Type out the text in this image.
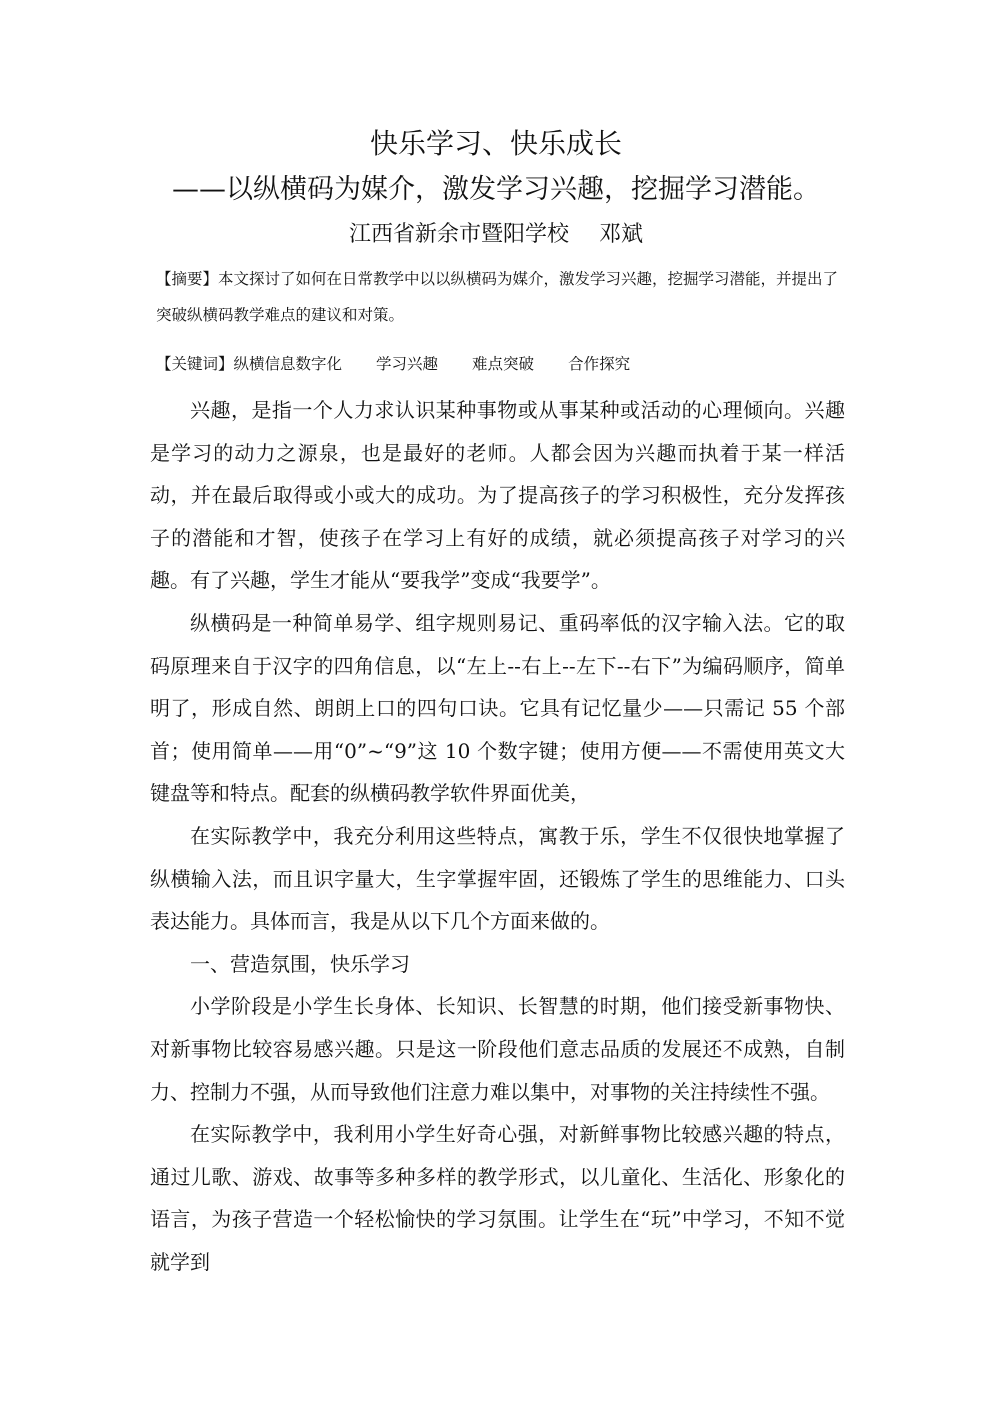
快乐学习、快乐成长
——以纵横码为媒介，激发学习兴趣，挖掘学习潜能。
江西省新余市暨阳学校 邓斌
【摘要】本文探讨了如何在日常教学中以以纵横码为媒介，激发学习兴趣，挖掘学习潜能，并提出了突破纵横码教学难点的建议和对策。
【关键词】纵横信息数字化 学习兴趣 难点突破 合作探究

兴趣，是指一个人力求认识某种事物或从事某种或活动的心理倾向。兴趣是学习的动力之源泉，也是最好的老师。人都会因为兴趣而执着于某一样活动，并在最后取得或小或大的成功。为了提高孩子的学习积极性，充分发挥孩子的潜能和才智，使孩子在学习上有好的成绩，就必须提高孩子对学习的兴趣。有了兴趣，学生才能从“要我学”变成“我要学”。

纵横码是一种简单易学、组字规则易记、重码率低的汉字输入法。它的取码原理来自于汉字的四角信息，以“左上--右上--左下--右下”为编码顺序，简单明了，形成自然、朗朗上口的四句口诀。它具有记忆量少——只需记 55 个部首；使用简单——用“0”~“9”这 10 个数字键；使用方便——不需使用英文大键盘等和特点。配套的纵横码教学软件界面优美，

在实际教学中，我充分利用这些特点，寓教于乐，学生不仅很快地掌握了纵横输入法，而且识字量大，生字掌握牢固，还锻炼了学生的思维能力、口头表达能力。具体而言，我是从以下几个方面来做的。

一、营造氛围，快乐学习

小学阶段是小学生长身体、长知识、长智慧的时期，他们接受新事物快、对新事物比较容易感兴趣。只是这一阶段他们意志品质的发展还不成熟，自制力、控制力不强，从而导致他们注意力难以集中，对事物的关注持续性不强。

在实际教学中，我利用小学生好奇心强，对新鲜事物比较感兴趣的特点，通过儿歌、游戏、故事等多种多样的教学形式，以儿童化、生活化、形象化的语言，为孩子营造一个轻松愉快的学习氛围。让学生在“玩”中学习，不知不觉就学到
